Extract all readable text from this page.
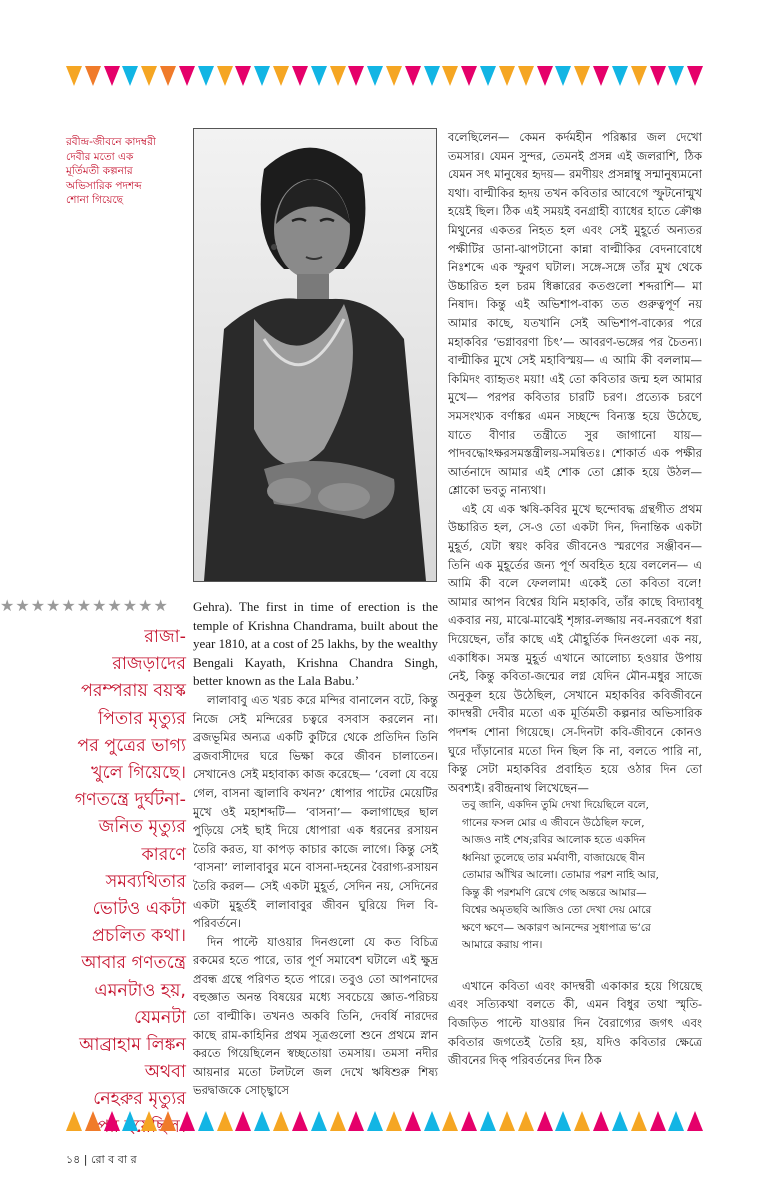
রবীন্দ্র-জীবনে কাদম্বরী
দেবীর মতো এক
মূর্তিমতী কল্পনার
অভিসারিক পদশব্দ
শোনা গিয়েছে
★★★★★★★★★★★
রাজা-
রাজড়াদের
পরম্পরায় বয়স্ক
পিতার মৃত্যুর
পর পুত্রের ভাগ্য
খুলে গিয়েছে।
গণতন্ত্রে দুর্ঘটনা-
জনিত মৃত্যুর
কারণে
সমব্যথিতার
ভোটও একটা
প্রচলিত কথা।
আবার গণতন্ত্রে
এমনটাও হয়,
যেমনটা
আব্রাহাম লিঙ্কন
অথবা
নেহরুর মৃত্যুর
পর হয়েছিল।

Gehra). The first in time of erection is the temple of Krishna Chandrama, built about the year 1810, at a cost of 25 lakhs, by the wealthy Bengali Kayath, Krishna Chandra Singh, better known as the Lala Babu.’

লালাবাবু এত খরচ করে মন্দির বানালেন বটে, কিন্তু নিজে সেই মন্দিরের চত্বরে বসবাস করলেন না। ব্রজভূমির অন্যত্র একটি কুটিরে থেকে প্রতিদিন তিনি ব্রজবাসীদের ঘরে ভিক্ষা করে জীবন চালাতেন। সেখানেও সেই মহাবাক্য কাজ করেছে— ‘বেলা যে বয়ে গেল, বাসনা জ্বালাবি কখন?’ ধোপার পাটের মেয়েটির মুখে ওই মহাশব্দটি— ‘বাসনা’— কলাগাছের ছাল পুড়িয়ে সেই ছাই দিয়ে ধোপারা এক ধরনের রসায়ন তৈরি করত, যা কাপড় কাচার কাজে লাগে। কিন্তু সেই ‘বাসনা’ লালাবাবুর মনে বাসনা-দহনের বৈরাগ্য-রসায়ন তৈরি করল— সেই একটা মুহূর্ত, সেদিন নয়, সেদিনের একটা মুহূর্তই লালাবাবুর জীবন ঘুরিয়ে দিল বি-পরিবর্তনে।

দিন পাল্টে যাওয়ার দিনগুলো যে কত বিচিত্র রকমের হতে পারে, তার পূর্ণ সমাবেশ ঘটালে এই ক্ষুদ্র প্রবন্ধ গ্রন্থে পরিণত হতে পারে। তবুও তো আপনাদের বহুজ্ঞাত অনন্ত বিষয়ের মধ্যে সবচেয়ে জ্ঞাত-পরিচয় তো বাল্মীকি। তখনও অকবি তিনি, দেবর্ষি নারদের কাছে রাম-কাহিনির প্রথম সূত্রগুলো শুনে প্রথমে স্নান করতে গিয়েছিলেন স্বচ্ছতোয়া তমসায়। তমসা নদীর আয়নার মতো টলটলে জল দেখে ঋষিশুরু শিষ্য ভরদ্বাজকে সোচ্ছ্বাসে

বলেছিলেন— কেমন কর্দমহীন পরিষ্কার জল দেখো তমসার। যেমন সুন্দর, তেমনই প্রসন্ন এই জলরাশি, ঠিক যেমন সৎ মানুষের হৃদয়— রমণীয়ং প্রসন্নাম্বু সন্মানুষ্যমনো যথা। বাল্মীকির হৃদয় তখন কবিতার আবেগে স্ফুটনোন্মুখ হয়েই ছিল। ঠিক এই সময়ই বনগ্রাহী ব্যাধের হাতে ক্রৌঞ্চ মিথুনের একতর নিহত হল এবং সেই মুহূর্তে অন্যতর পক্ষীটির ডানা-ঝাপটানো কান্না বাল্মীকির বেদনাবোধে নিঃশব্দে এক স্ফুরণ ঘটাল। সঙ্গে-সঙ্গে তাঁর মুখ থেকে উচ্চারিত হল চরম ধিক্কারের কতগুলো শব্দরাশি— মা নিষাদ। কিন্তু এই অভিশাপ-বাক্য তত গুরুত্বপূর্ণ নয় আমার কাছে, যতখানি সেই অভিশাপ-বাক্যের পরে মহাকবির ‘ভগ্নাবরণা চিৎ’— আবরণ-ভঙ্গের পর চৈতন্য। বাল্মীকির মুখে সেই মহাবিস্ময়— এ আমি কী বললাম— কিমিদং ব্যাহৃতং ময়া! এই তো কবিতার জন্ম হল আমার মুখে— পরপর কবিতার চারটি চরণ। প্রত্যেক চরণে সমসংখ্যক বর্ণাঙ্কর এমন সচ্ছন্দে বিন্যস্ত হয়ে উঠেছে, যাতে বীণার তন্ত্রীতে সুর জাগানো যায়— পাদবদ্ধোঽক্ষরসমস্তন্ত্রীলয়-সমন্বিতঃ। শোকার্ত এক পক্ষীর আর্তনাদে আমার এই শোক তো শ্লোক হয়ে উঠল— শ্লোকো ভবতু নান্যথা।

এই যে এক ঋষি-কবির মুখে ছন্দোবদ্ধ গ্রন্থগীত প্রথম উচ্চারিত হল, সে-ও তো একটা দিন, দিনান্তিক একটা মুহূর্ত, যেটা স্বয়ং কবির জীবনেও স্মরণের সঞ্জীবন— তিনি এক মুহূর্তের জন্য পূর্ণ অবহিত হয়ে বললেন— এ আমি কী বলে ফেললাম! একেই তো কবিতা বলে! আমার আপন বিশ্বের যিনি মহাকবি, তাঁর কাছে বিদ্যাবধূ একবার নয়, মাঝে-মাঝেই শৃঙ্গার-লজ্জায় নব-নবরূপে ধরা দিয়েছেন, তাঁর কাছে এই মৌহূর্তিক দিনগুলো এক নয়, একাধিক। সমস্ত মুহূর্ত এখানে আলোচ্য হওয়ার উপায় নেই, কিন্তু কবিতা-জন্মের লগ্ন যেদিন মৌন-মধুর সাজে অনুকূল হয়ে উঠেছিল, সেখানে মহাকবির কবিজীবনে কাদম্বরী দেবীর মতো এক মূর্তিমতী কল্পনার অভিসারিক পদশব্দ শোনা গিয়েছে। সে-দিনটা কবি-জীবনে কোনও ঘুরে দাঁড়ানোর মতো দিন ছিল কি না, বলতে পারি না, কিন্তু সেটা মহাকবির প্রবাহিত হয়ে ওঠার দিন তো অবশ্যই। রবীন্দ্রনাথ লিখেছেন—

তবু জানি, একদিন তুমি দেখা দিয়েছিলে বলে,
গানের ফসল মোর এ জীবনে উঠেছিল ফলে,
আজও নাই শেষ;রবির আলোক হতে একদিন
ধ্বনিয়া তুলেছে তার মর্মবাণী, বাজায়েছে বীন
তোমার আঁখির আলো। তোমার পরশ নাহি আর,
কিন্তু কী পরশমণি রেখে গেছ অন্তরে আমার—
বিশ্বের অমৃতছবি আজিও তো দেখা দেয় মোরে
ক্ষণে ক্ষণে— অকারণ আনন্দের সুধাপাত্র ভ’রে
আমারে করায় পান।

এখানে কবিতা এবং কাদম্বরী একাকার হয়ে গিয়েছে এবং সত্যিকথা বলতে কী, এমন বিধুর তথা স্মৃতি-বিজড়িত পাল্টে যাওয়ার দিন বৈরাগ্যের জগৎ এবং কবিতার জগতেই তৈরি হয়, যদিও কবিতার ক্ষেত্রে জীবনের দিক্ পরিবর্তনের দিন ঠিক

১৪ | রো ব বা র
